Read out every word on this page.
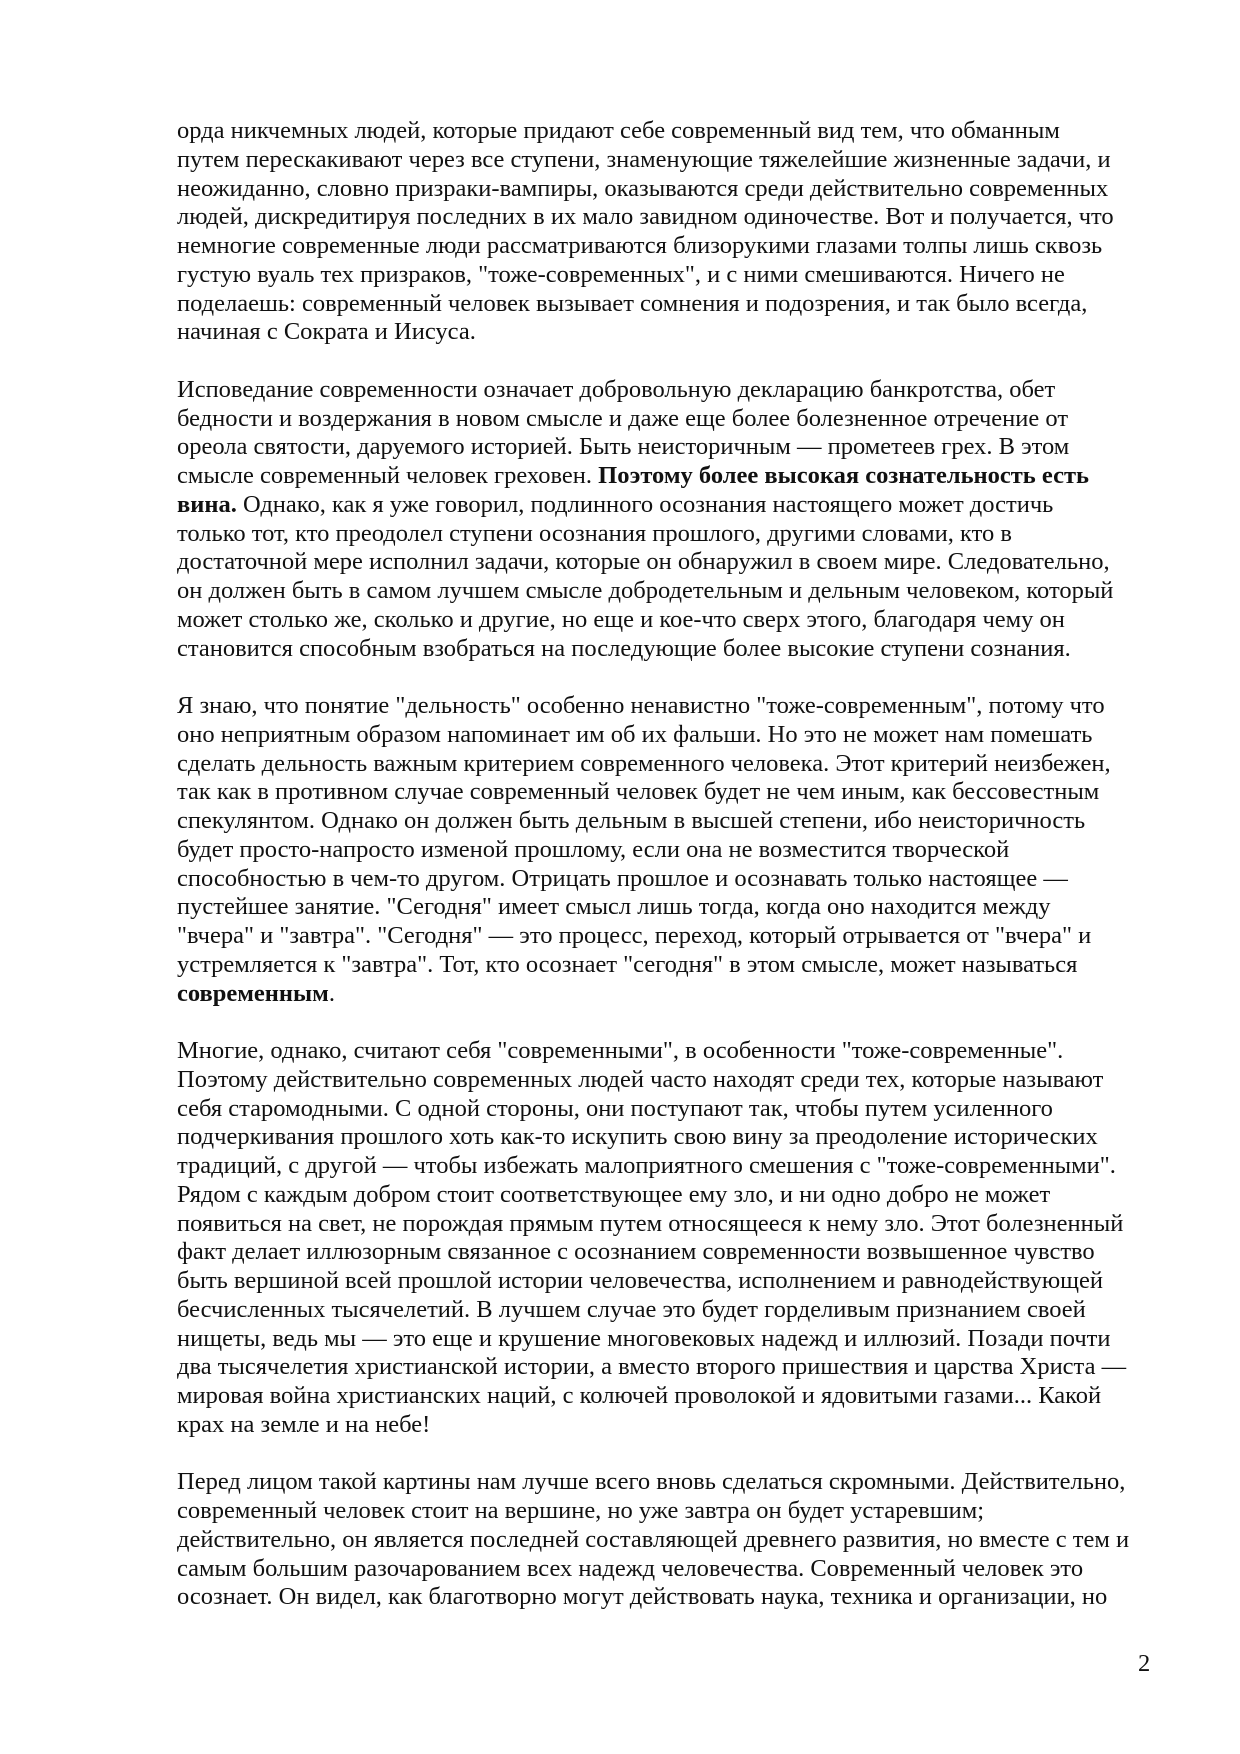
орда никчемных людей, которые придают себе современный вид тем, что обманным
путем перескакивают через все ступени, знаменующие тяжелейшие жизненные задачи, и
неожиданно, словно призраки-вампиры, оказываются среди действительно современных
людей, дискредитируя последних в их мало завидном одиночестве. Вот и получается, что
немногие современные люди рассматриваются близорукими глазами толпы лишь сквозь
густую вуаль тех призраков, "тоже-современных", и с ними смешиваются. Ничего не
поделаешь: современный человек вызывает сомнения и подозрения, и так было всегда,
начиная с Сократа и Иисуса.
Исповедание современности означает добровольную декларацию банкротства, обет
бедности и воздержания в новом смысле и даже еще более болезненное отречение от
ореола святости, даруемого историей. Быть неисторичным — прометеев грех. В этом
смысле современный человек греховен. Поэтому более высокая сознательность есть
вина. Однако, как я уже говорил, подлинного осознания настоящего может достичь
только тот, кто преодолел ступени осознания прошлого, другими словами, кто в
достаточной мере исполнил задачи, которые он обнаружил в своем мире. Следовательно,
он должен быть в самом лучшем смысле добродетельным и дельным человеком, который
может столько же, сколько и другие, но еще и кое-что сверх этого, благодаря чему он
становится способным взобраться на последующие более высокие ступени сознания.
Я знаю, что понятие "дельность" особенно ненавистно "тоже-современным", потому что
оно неприятным образом напоминает им об их фальши. Но это не может нам помешать
сделать дельность важным критерием современного человека. Этот критерий неизбежен,
так как в противном случае современный человек будет не чем иным, как бессовестным
спекулянтом. Однако он должен быть дельным в высшей степени, ибо неисторичность
будет просто-напросто изменой прошлому, если она не возместится творческой
способностью в чем-то другом. Отрицать прошлое и осознавать только настоящее —
пустейшее занятие. "Сегодня" имеет смысл лишь тогда, когда оно находится между
"вчера" и "завтра". "Сегодня" — это процесс, переход, который отрывается от "вчера" и
устремляется к "завтра". Тот, кто осознает "сегодня" в этом смысле, может называться
современным.
Многие, однако, считают себя "современными", в особенности "тоже-современные".
Поэтому действительно современных людей часто находят среди тех, которые называют
себя старомодными. С одной стороны, они поступают так, чтобы путем усиленного
подчеркивания прошлого хоть как-то искупить свою вину за преодоление исторических
традиций, с другой — чтобы избежать малоприятного смешения с "тоже-современными".
Рядом с каждым добром стоит соответствующее ему зло, и ни одно добро не может
появиться на свет, не порождая прямым путем относящееся к нему зло. Этот болезненный
факт делает иллюзорным связанное с осознанием современности возвышенное чувство
быть вершиной всей прошлой истории человечества, исполнением и равнодействующей
бесчисленных тысячелетий. В лучшем случае это будет горделивым признанием своей
нищеты, ведь мы — это еще и крушение многовековых надежд и иллюзий. Позади почти
два тысячелетия христианской истории, а вместо второго пришествия и царства Христа —
мировая война христианских наций, с колючей проволокой и ядовитыми газами... Какой
крах на земле и на небе!
Перед лицом такой картины нам лучше всего вновь сделаться скромными. Действительно,
современный человек стоит на вершине, но уже завтра он будет устаревшим;
действительно, он является последней составляющей древнего развития, но вместе с тем и
самым большим разочарованием всех надежд человечества. Современный человек это
осознает. Он видел, как благотворно могут действовать наука, техника и организации, но
2
